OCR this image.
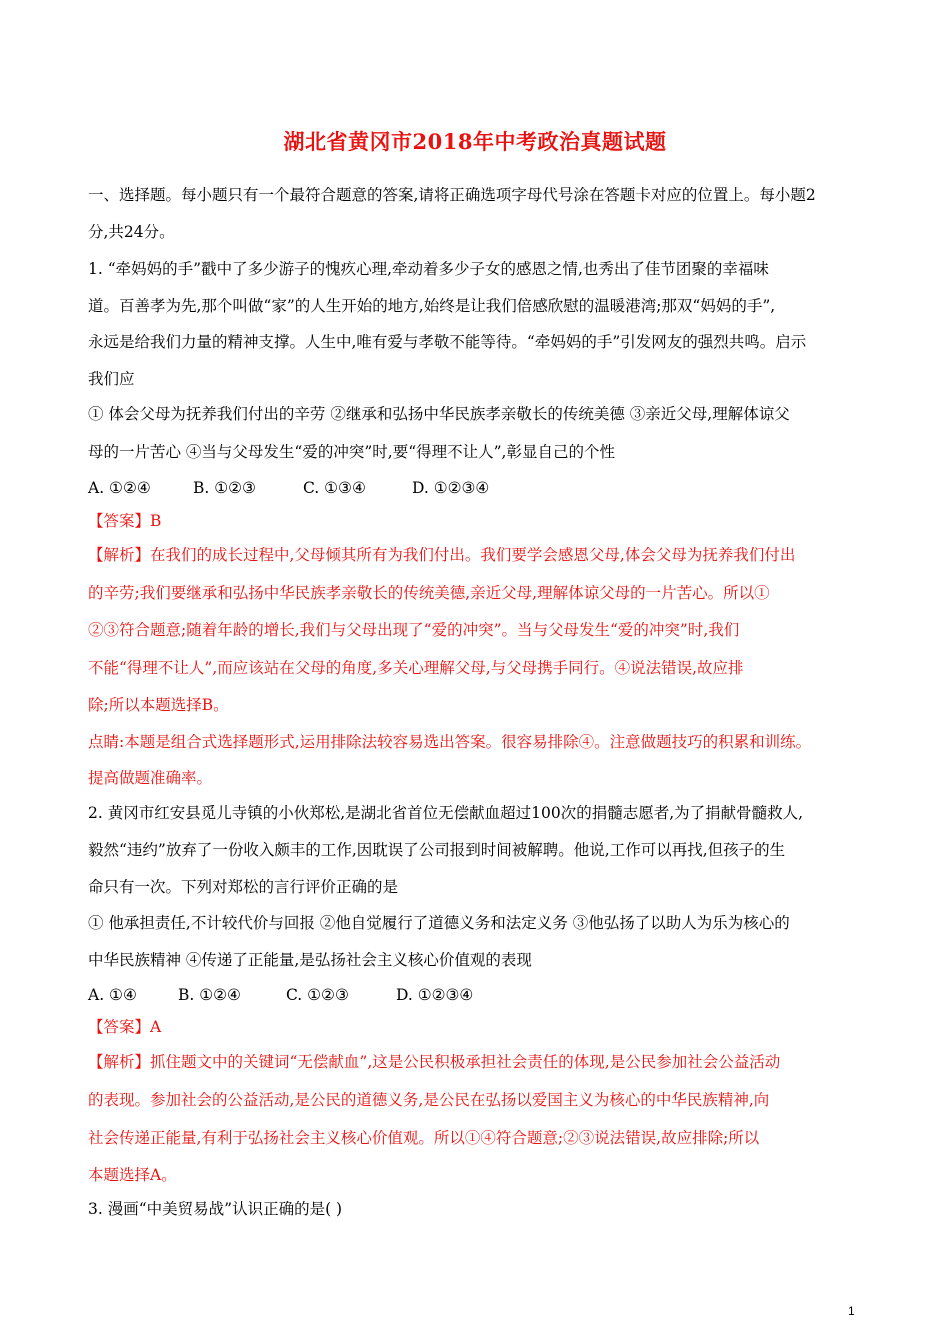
湖北省黄冈市2018年中考政治真题试题
一、选择题。每小题只有一个最符合题意的答案,请将正确选项字母代号涂在答题卡对应的位置上。每小题2
分,共24分。
1. “牵妈妈的手”戳中了多少游子的愧疚心理,牵动着多少子女的感恩之情,也秀出了佳节团聚的幸福味
道。百善孝为先,那个叫做“家”的人生开始的地方,始终是让我们倍感欣慰的温暖港湾;那双“妈妈的手”,
永远是给我们力量的精神支撑。人生中,唯有爱与孝敬不能等待。“牵妈妈的手”引发网友的强烈共鸣。启示
我们应
① 体会父母为抚养我们付出的辛劳 ②继承和弘扬中华民族孝亲敬长的传统美德 ③亲近父母,理解体谅父
母的一片苦心 ④当与父母发生“爱的冲突”时,要“得理不让人”,彰显自己的个性
A. ①②④	B. ①②③	C. ①③④	D. ①②③④
【答案】B
【解析】在我们的成长过程中,父母倾其所有为我们付出。我们要学会感恩父母,体会父母为抚养我们付出
的辛劳;我们要继承和弘扬中华民族孝亲敬长的传统美德,亲近父母,理解体谅父母的一片苦心。所以①
②③符合题意;随着年龄的增长,我们与父母出现了“爱的冲突”。当与父母发生“爱的冲突”时,我们
不能“得理不让人”,而应该站在父母的角度,多关心理解父母,与父母携手同行。④说法错误,故应排
除;所以本题选择B。
点睛:本题是组合式选择题形式,运用排除法较容易选出答案。很容易排除④。注意做题技巧的积累和训练。
提高做题准确率。
2. 黄冈市红安县觅儿寺镇的小伙郑松,是湖北省首位无偿献血超过100次的捐髓志愿者,为了捐献骨髓救人,
毅然“违约”放弃了一份收入颇丰的工作,因耽误了公司报到时间被解聘。他说,工作可以再找,但孩子的生
命只有一次。下列对郑松的言行评价正确的是
① 他承担责任,不计较代价与回报 ②他自觉履行了道德义务和法定义务 ③他弘扬了以助人为乐为核心的
中华民族精神 ④传递了正能量,是弘扬社会主义核心价值观的表现
A. ①④	B. ①②④	C. ①②③	D. ①②③④
【答案】A
【解析】抓住题文中的关键词“无偿献血”,这是公民积极承担社会责任的体现,是公民参加社会公益活动
的表现。参加社会的公益活动,是公民的道德义务,是公民在弘扬以爱国主义为核心的中华民族精神,向
社会传递正能量,有利于弘扬社会主义核心价值观。所以①④符合题意;②③说法错误,故应排除;所以
本题选择A。
3. 漫画“中美贸易战”认识正确的是( )
1
